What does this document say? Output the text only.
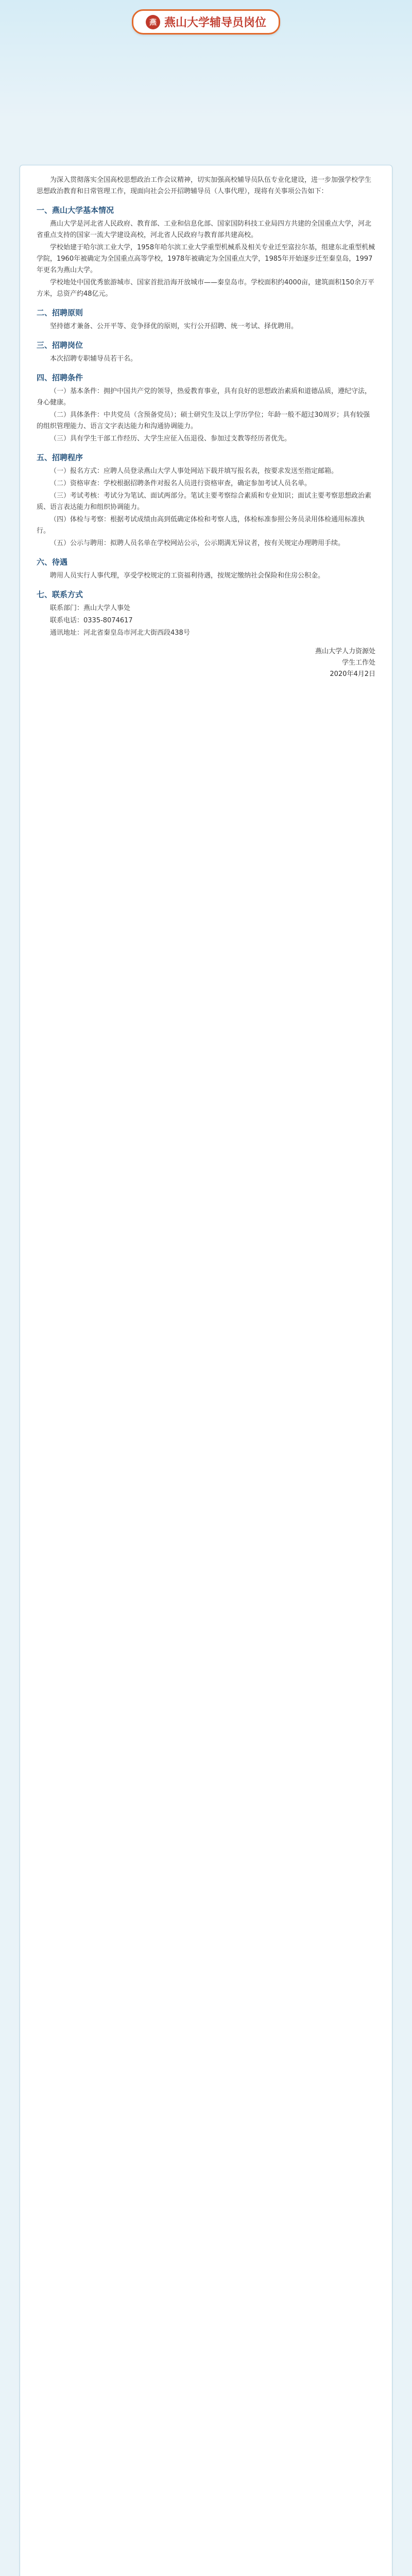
燕 燕山大学辅导员岗位

为深入贯彻落实全国高校思想政治工作会议精神，切实加强高校辅导员队伍专业化建设，进一步加强学校学生思想政治教育和日常管理工作，现面向社会公开招聘辅导员（人事代理），现将有关事项公告如下：

一、燕山大学基本情况

燕山大学是河北省人民政府、教育部、工业和信息化部、国家国防科技工业局四方共建的全国重点大学，河北省重点支持的国家一流大学建设高校，河北省人民政府与教育部共建高校。

学校始建于哈尔滨工业大学，1958年哈尔滨工业大学重型机械系及相关专业迁至富拉尔基，组建东北重型机械学院，1960年被确定为全国重点高等学校，1978年被确定为全国重点大学，1985年开始逐步迁至秦皇岛，1997年更名为燕山大学。

学校地处中国优秀旅游城市、国家首批沿海开放城市——秦皇岛市。学校面积约4000亩，建筑面积150余万平方米，总资产约48亿元。

二、招聘原则

坚持德才兼备、公开平等、竞争择优的原则，实行公开招聘、统一考试、择优聘用。

三、招聘岗位

本次招聘专职辅导员若干名。

四、招聘条件

（一）基本条件：拥护中国共产党的领导，热爱教育事业，具有良好的思想政治素质和道德品质，遵纪守法，身心健康。

（二）具体条件：中共党员（含预备党员）；硕士研究生及以上学历学位；年龄一般不超过30周岁；具有较强的组织管理能力、语言文字表达能力和沟通协调能力。

（三）具有学生干部工作经历、大学生应征入伍退役、参加过支教等经历者优先。

五、招聘程序

（一）报名方式：应聘人员登录燕山大学人事处网站下载并填写报名表，按要求发送至指定邮箱。

（二）资格审查：学校根据招聘条件对报名人员进行资格审查，确定参加考试人员名单。

（三）考试考核：考试分为笔试、面试两部分。笔试主要考察综合素质和专业知识；面试主要考察思想政治素质、语言表达能力和组织协调能力。

（四）体检与考察：根据考试成绩由高到低确定体检和考察人选，体检标准参照公务员录用体检通用标准执行。

（五）公示与聘用：拟聘人员名单在学校网站公示，公示期满无异议者，按有关规定办理聘用手续。

六、待遇

聘用人员实行人事代理，享受学校规定的工资福利待遇，按规定缴纳社会保险和住房公积金。

七、联系方式

联系部门：燕山大学人事处

联系电话：0335-8074617

通讯地址：河北省秦皇岛市河北大街西段438号

燕山大学人力资源处
学生工作处
2020年4月2日
